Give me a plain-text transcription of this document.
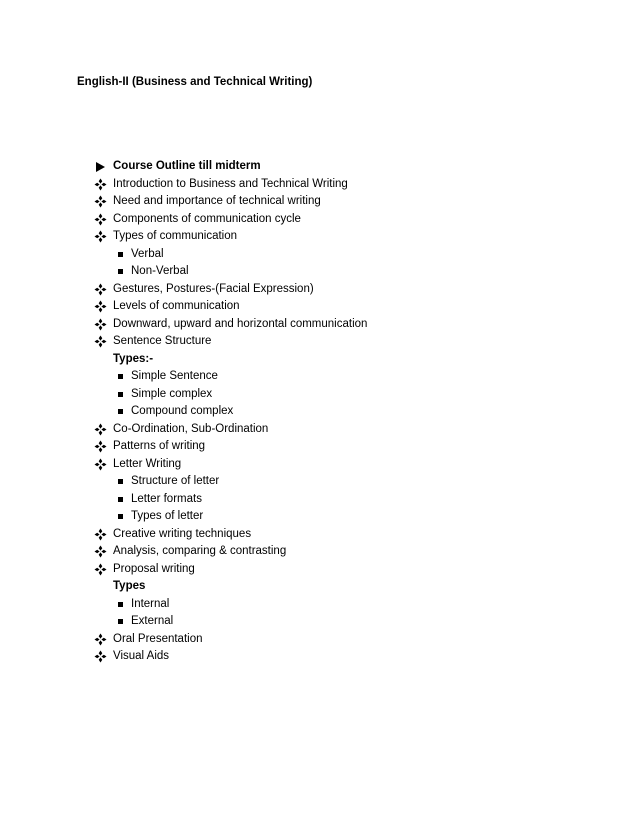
English-II (Business and Technical Writing)
Course Outline till midterm
Introduction to Business and Technical Writing
Need and importance of technical writing
Components of communication cycle
Types of communication
Verbal
Non-Verbal
Gestures, Postures-(Facial Expression)
Levels of communication
Downward, upward and horizontal communication
Sentence Structure
Types:-
Simple Sentence
Simple complex
Compound complex
Co-Ordination, Sub-Ordination
Patterns of writing
Letter Writing
Structure of letter
Letter formats
Types of letter
Creative writing techniques
Analysis, comparing & contrasting
Proposal writing
Types
Internal
External
Oral Presentation
Visual Aids
